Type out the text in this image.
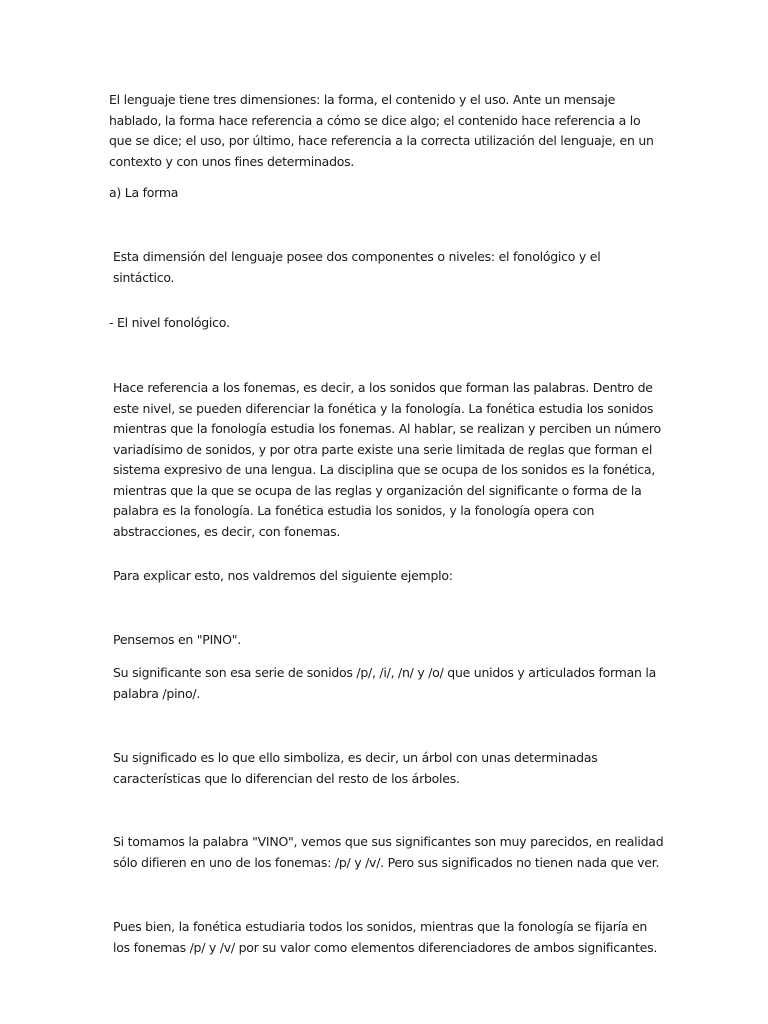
El lenguaje tiene tres dimensiones: la forma, el contenido y el uso. Ante un mensaje hablado, la forma hace referencia a cómo se dice algo; el contenido hace referencia a lo que se dice; el uso, por último, hace referencia a la correcta utilización del lenguaje, en un contexto y con unos fines determinados.

a) La forma

Esta dimensión del lenguaje posee dos componentes o niveles: el fonológico y el sintáctico.

- El nivel fonológico.

Hace referencia a los fonemas, es decir, a los sonidos que forman las palabras. Dentro de este nivel, se pueden diferenciar la fonética y la fonología. La fonética estudia los sonidos mientras que la fonología estudia los fonemas. Al hablar, se realizan y perciben un número variadísimo de sonidos, y por otra parte existe una serie limitada de reglas que forman el sistema expresivo de una lengua. La disciplina que se ocupa de los sonidos es la fonética, mientras que la que se ocupa de las reglas y organización del significante o forma de la palabra es la fonología. La fonética estudia los sonidos, y la fonología opera con abstracciones, es decir, con fonemas.

Para explicar esto, nos valdremos del siguiente ejemplo:

Pensemos en "PINO".

Su significante son esa serie de sonidos /p/, /i/, /n/ y /o/ que unidos y articulados forman la palabra /pino/.

Su significado es lo que ello simboliza, es decir, un árbol con unas determinadas características que lo diferencian del resto de los árboles.

Si tomamos la palabra "VINO", vemos que sus significantes son muy parecidos, en realidad sólo difieren en uno de los fonemas: /p/ y /v/. Pero sus significados no tienen nada que ver.

Pues bien, la fonética estudiaria todos los sonidos, mientras que la fonología se fijaría en los fonemas /p/ y /v/ por su valor como elementos diferenciadores de ambos significantes.
